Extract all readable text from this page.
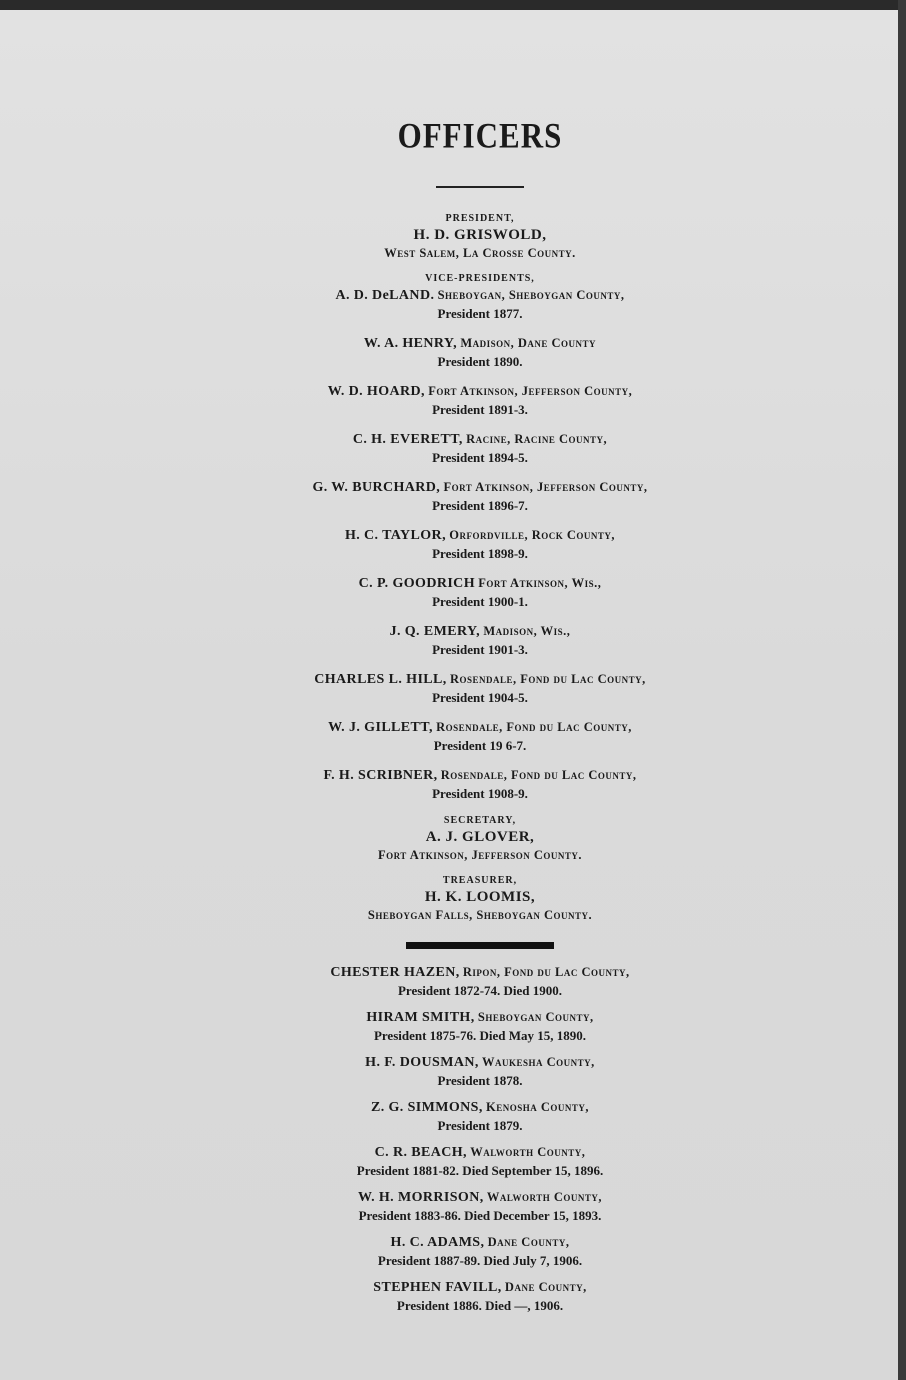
OFFICERS
PRESIDENT,
H. D. GRISWOLD,
West Salem, La Crosse County.
VICE-PRESIDENTS,
A. D. DeLAND. Sheboygan, Sheboygan County,
President 1877.
W. A. HENRY, Madison, Dane County
President 1890.
W. D. HOARD, Fort Atkinson, Jefferson County,
President 1891-3.
C. H. EVERETT, Racine, Racine County,
President 1894-5.
G. W. BURCHARD, Fort Atkinson, Jefferson County,
President 1896-7.
H. C. TAYLOR, Orfordville, Rock County,
President 1898-9.
C. P. GOODRICH Fort Atkinson, Wis.,
President 1900-1.
J. Q. EMERY, Madison, Wis.,
President 1901-3.
CHARLES L. HILL, Rosendale, Fond du Lac County,
President 1904-5.
W. J. GILLETT, Rosendale, Fond du Lac County,
President 19 6-7.
F. H. SCRIBNER, Rosendale, Fond du Lac County,
President 1908-9.
SECRETARY,
A. J. GLOVER,
Fort Atkinson, Jefferson County.
TREASURER,
H. K. LOOMIS,
Sheboygan Falls, Sheboygan County.
CHESTER HAZEN, Ripon, Fond du Lac County,
President 1872-74. Died 1900.
HIRAM SMITH, Sheboygan County,
President 1875-76. Died May 15, 1890.
H. F. DOUSMAN, Waukesha County,
President 1878.
Z. G. SIMMONS, Kenosha County,
President 1879.
C. R. BEACH, Walworth County,
President 1881-82. Died September 15, 1896.
W. H. MORRISON, Walworth County,
President 1883-86. Died December 15, 1893.
H. C. ADAMS, Dane County,
President 1887-89. Died July 7, 1906.
STEPHEN FAVILL, Dane County,
President 1886. Died —, 1906.
